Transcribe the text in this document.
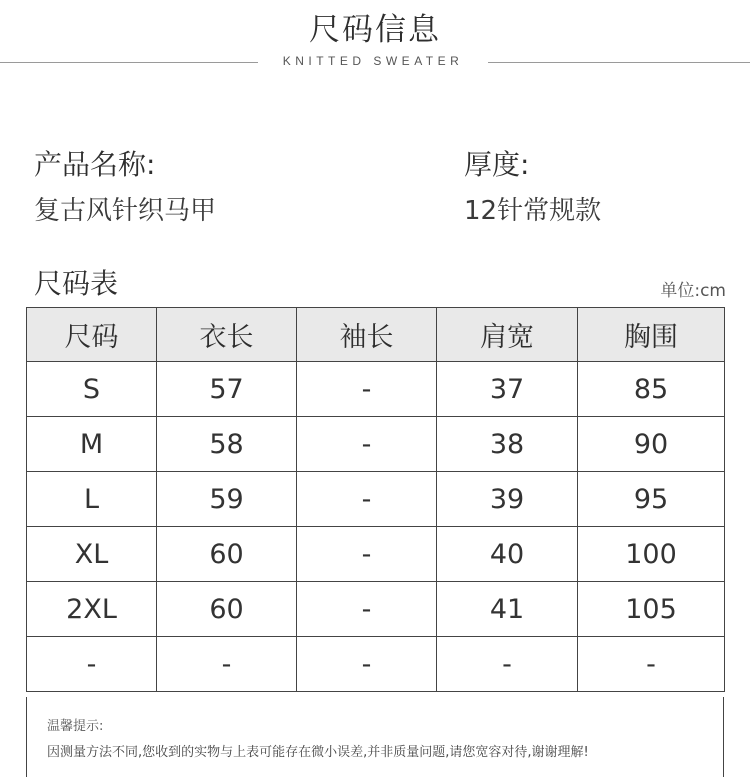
尺码信息
KNITTED SWEATER
产品名称:
复古风针织马甲
厚度:
12针常规款
尺码表	单位:cm
尺码	衣长	袖长	肩宽	胸围
S	57	-	37	85
M	58	-	38	90
L	59	-	39	95
XL	60	-	40	100
2XL	60	-	41	105
-	-	-	-	-
温馨提示:
因测量方法不同,您收到的实物与上表可能存在微小误差,并非质量问题,请您宽容对待,谢谢理解!
